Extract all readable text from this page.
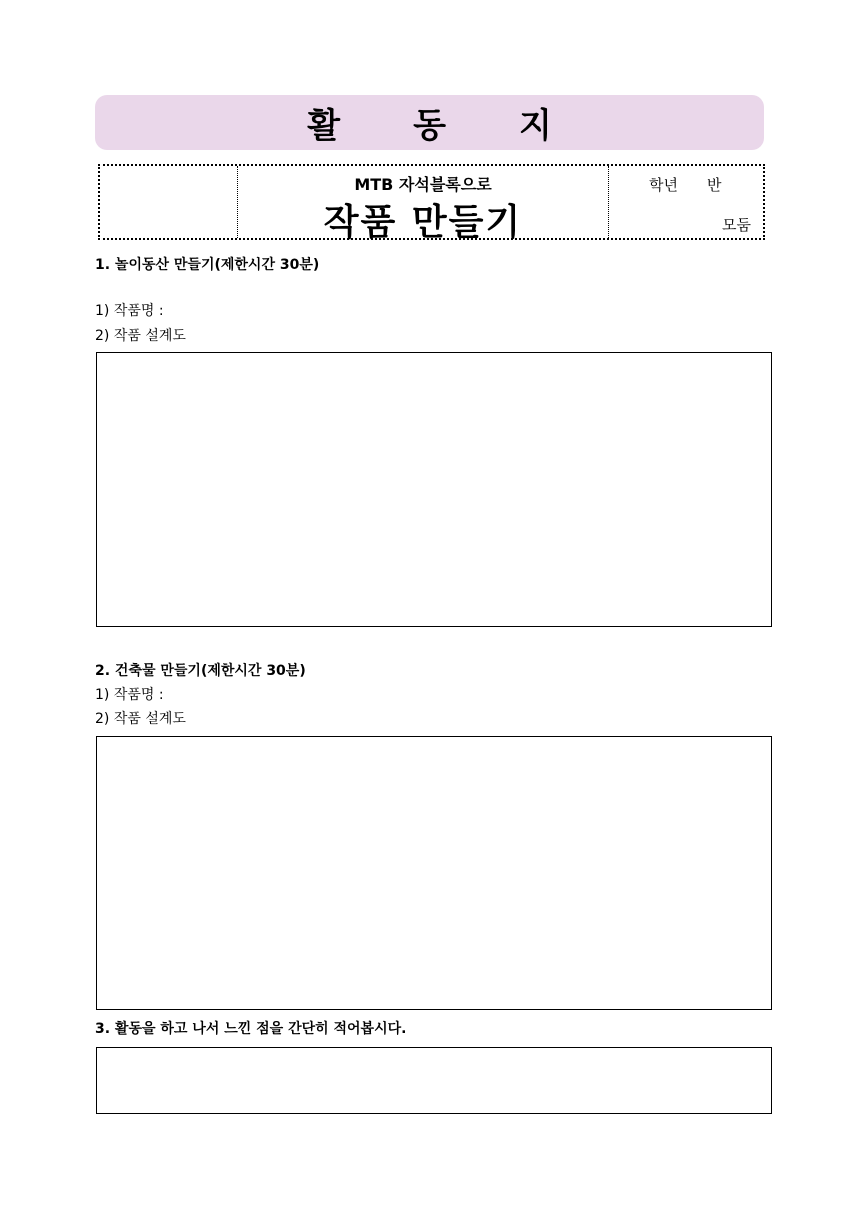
활 동 지
MTB 자석블록으로
작품 만들기
학년 반
모둠
1. 놀이동산 만들기(제한시간 30분)
1) 작품명 :
2) 작품 설계도
2. 건축물 만들기(제한시간 30분)
1) 작품명 :
2) 작품 설계도
3. 활동을 하고 나서 느낀 점을 간단히 적어봅시다.
